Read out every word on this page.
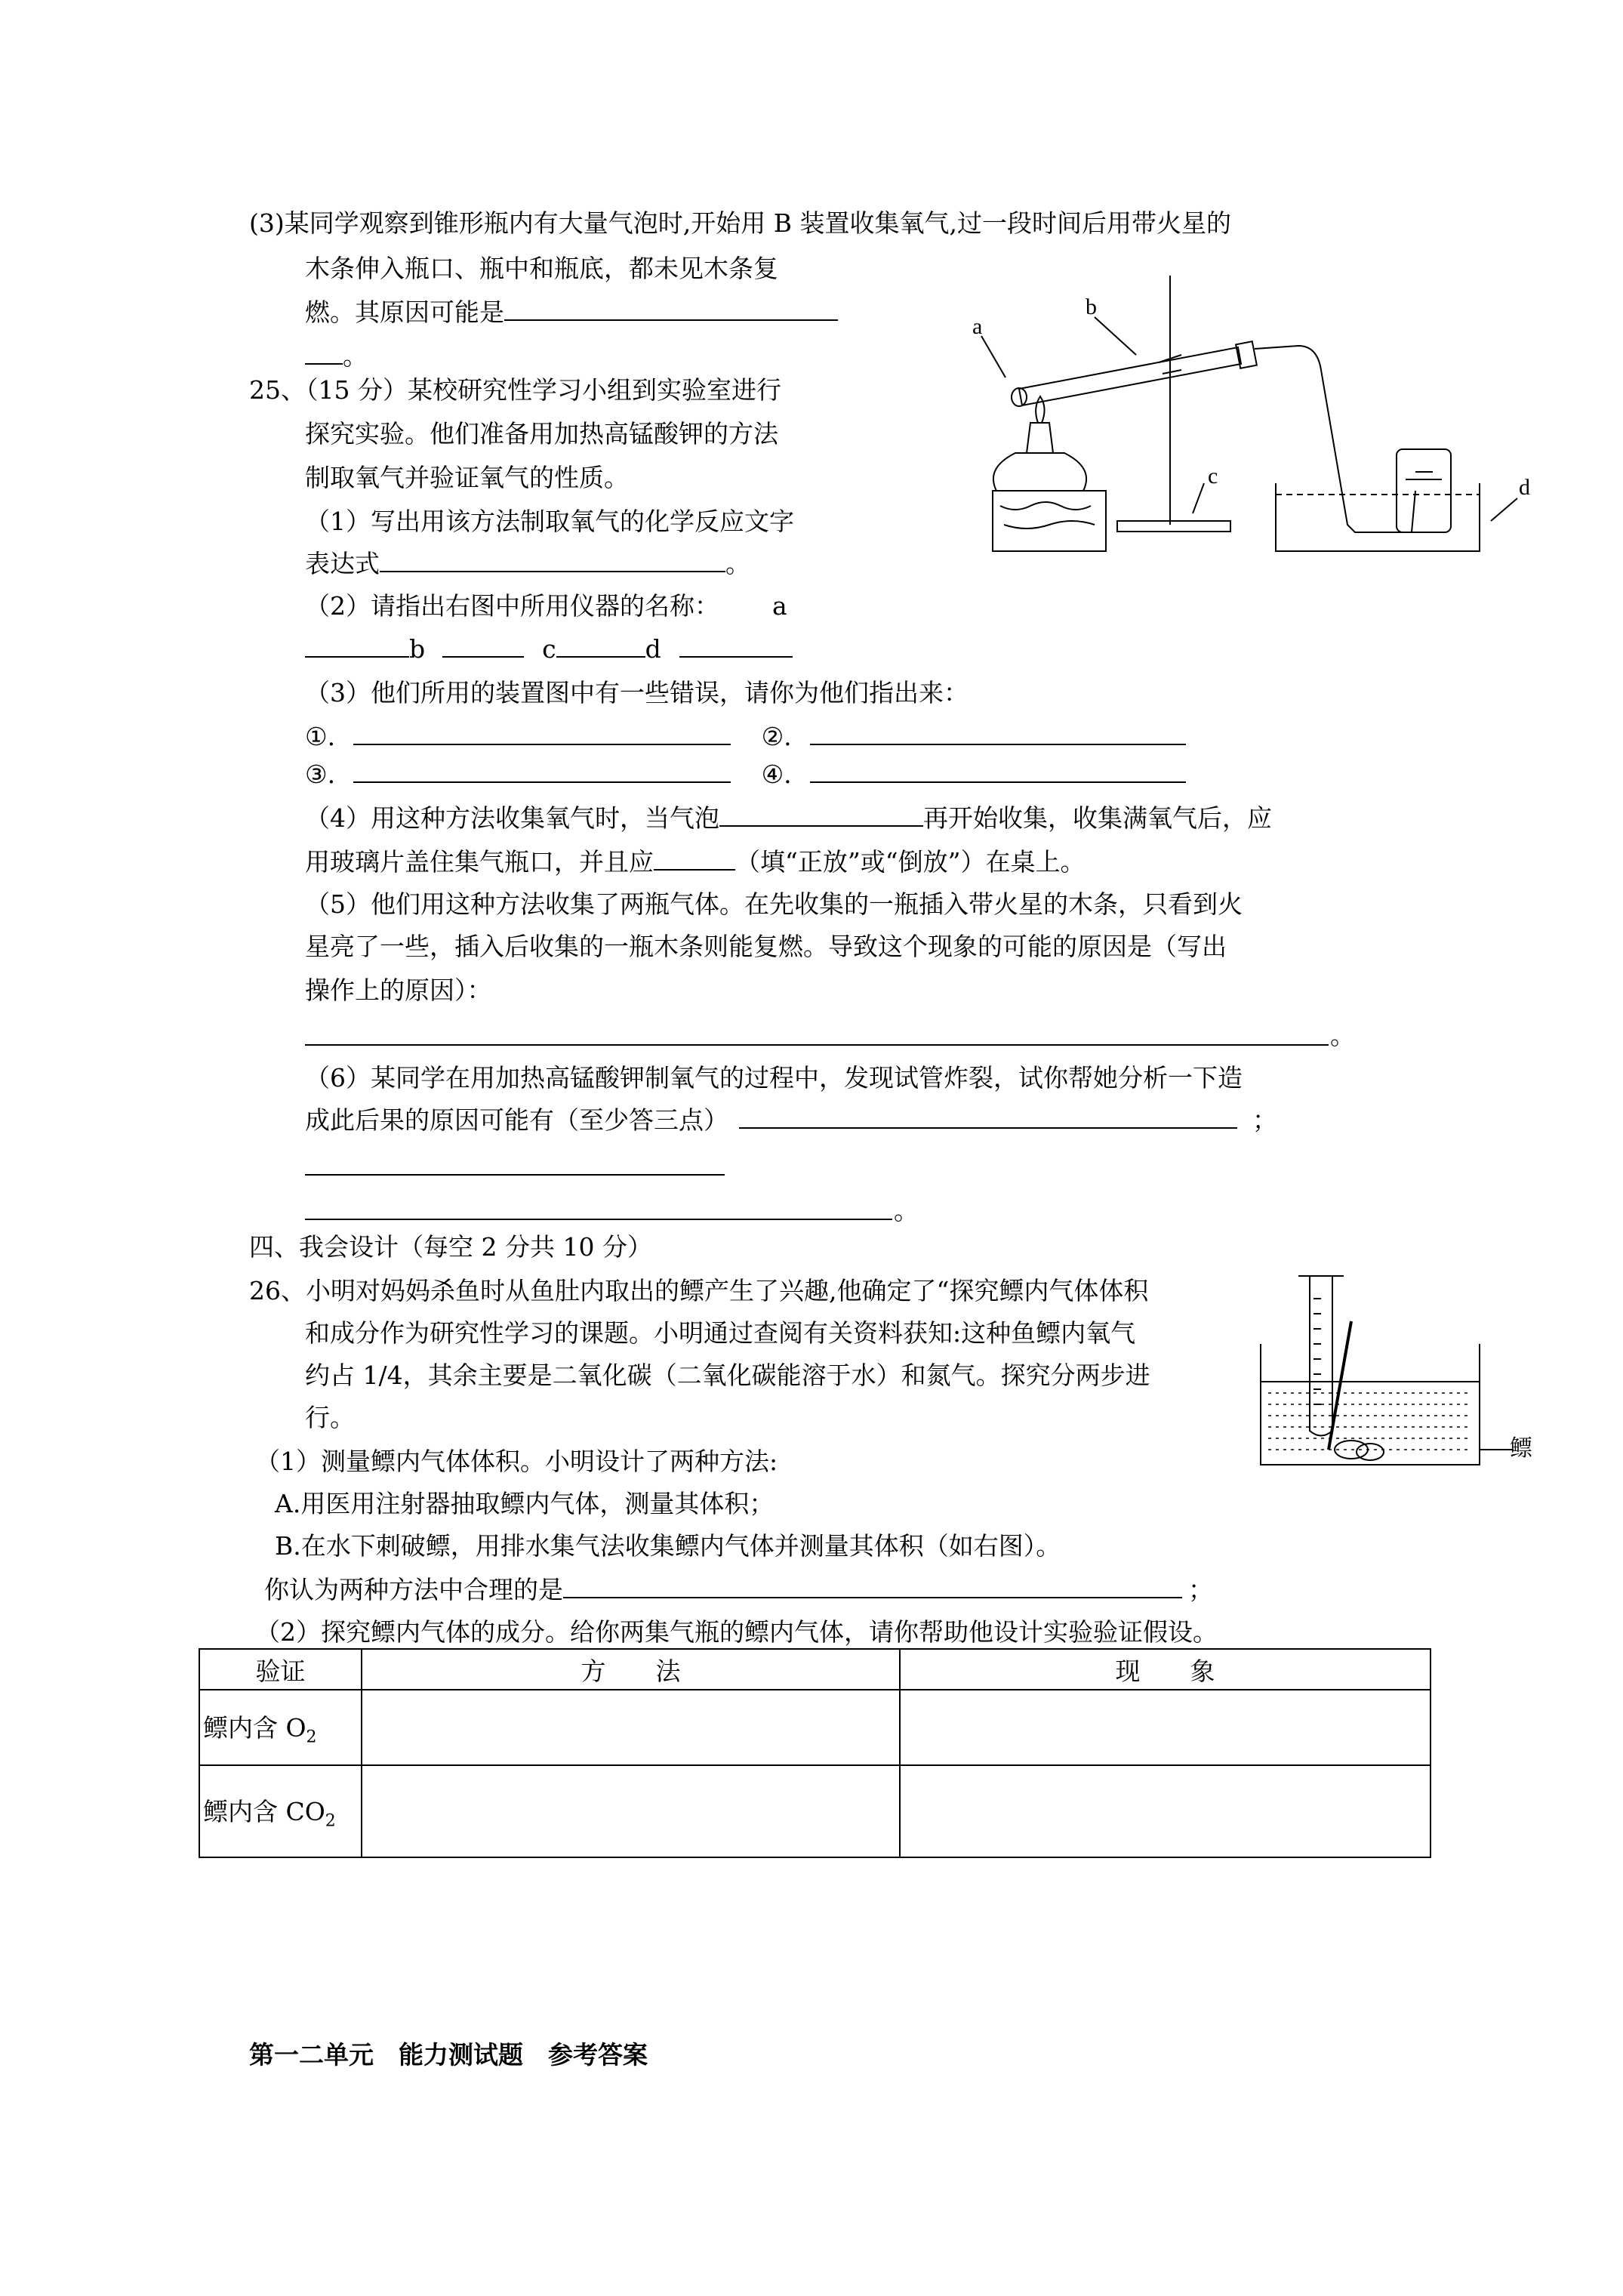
(3)某同学观察到锥形瓶内有大量气泡时,开始用 B 装置收集氧气,过一段时间后用带火星的
木条伸入瓶口、瓶中和瓶底，都未见木条复
燃。其原因可能是
。
25、（15 分）某校研究性学习小组到实验室进行
探究实验。他们准备用加热高锰酸钾的方法
制取氧气并验证氧气的性质。
（1）写出用该方法制取氧气的化学反应文字
表达式	。
（2）请指出右图中所用仪器的名称： a
b	c	d
（3）他们所用的装置图中有一些错误，请你为他们指出来：
①.	②.
③.	④.
（4）用这种方法收集氧气时，当气泡	再开始收集，收集满氧气后，应
用玻璃片盖住集气瓶口，并且应	（填“正放”或“倒放”）在桌上。
（5）他们用这种方法收集了两瓶气体。在先收集的一瓶插入带火星的木条，只看到火
星亮了一些，插入后收集的一瓶木条则能复燃。导致这个现象的可能的原因是（写出
操作上的原因）：
。
（6）某同学在用加热高锰酸钾制氧气的过程中，发现试管炸裂，试你帮她分析一下造
成此后果的原因可能有（至少答三点）	；
。
a
b
c	d
四、我会设计（每空 2 分共 10 分）
26、小明对妈妈杀鱼时从鱼肚内取出的鳔产生了兴趣,他确定了“探究鳔内气体体积
和成分作为研究性学习的课题。小明通过查阅有关资料获知:这种鱼鳔内氧气
约占 1/4，其余主要是二氧化碳（二氧化碳能溶于水）和氮气。探究分两步进
行。
（1）测量鳔内气体体积。小明设计了两种方法:
A.用医用注射器抽取鳔内气体，测量其体积；
B.在水下刺破鳔，用排水集气法收集鳔内气体并测量其体积（如右图）。
你认为两种方法中合理的是	；
（2）探究鳔内气体的成分。给你两集气瓶的鳔内气体，请你帮助他设计实验验证假设。
鳔
验证	方　　法	现　　象
鳔内含 $O_2$		
鳔内含 $CO_2$		
第一二单元　能力测试题　参考答案
